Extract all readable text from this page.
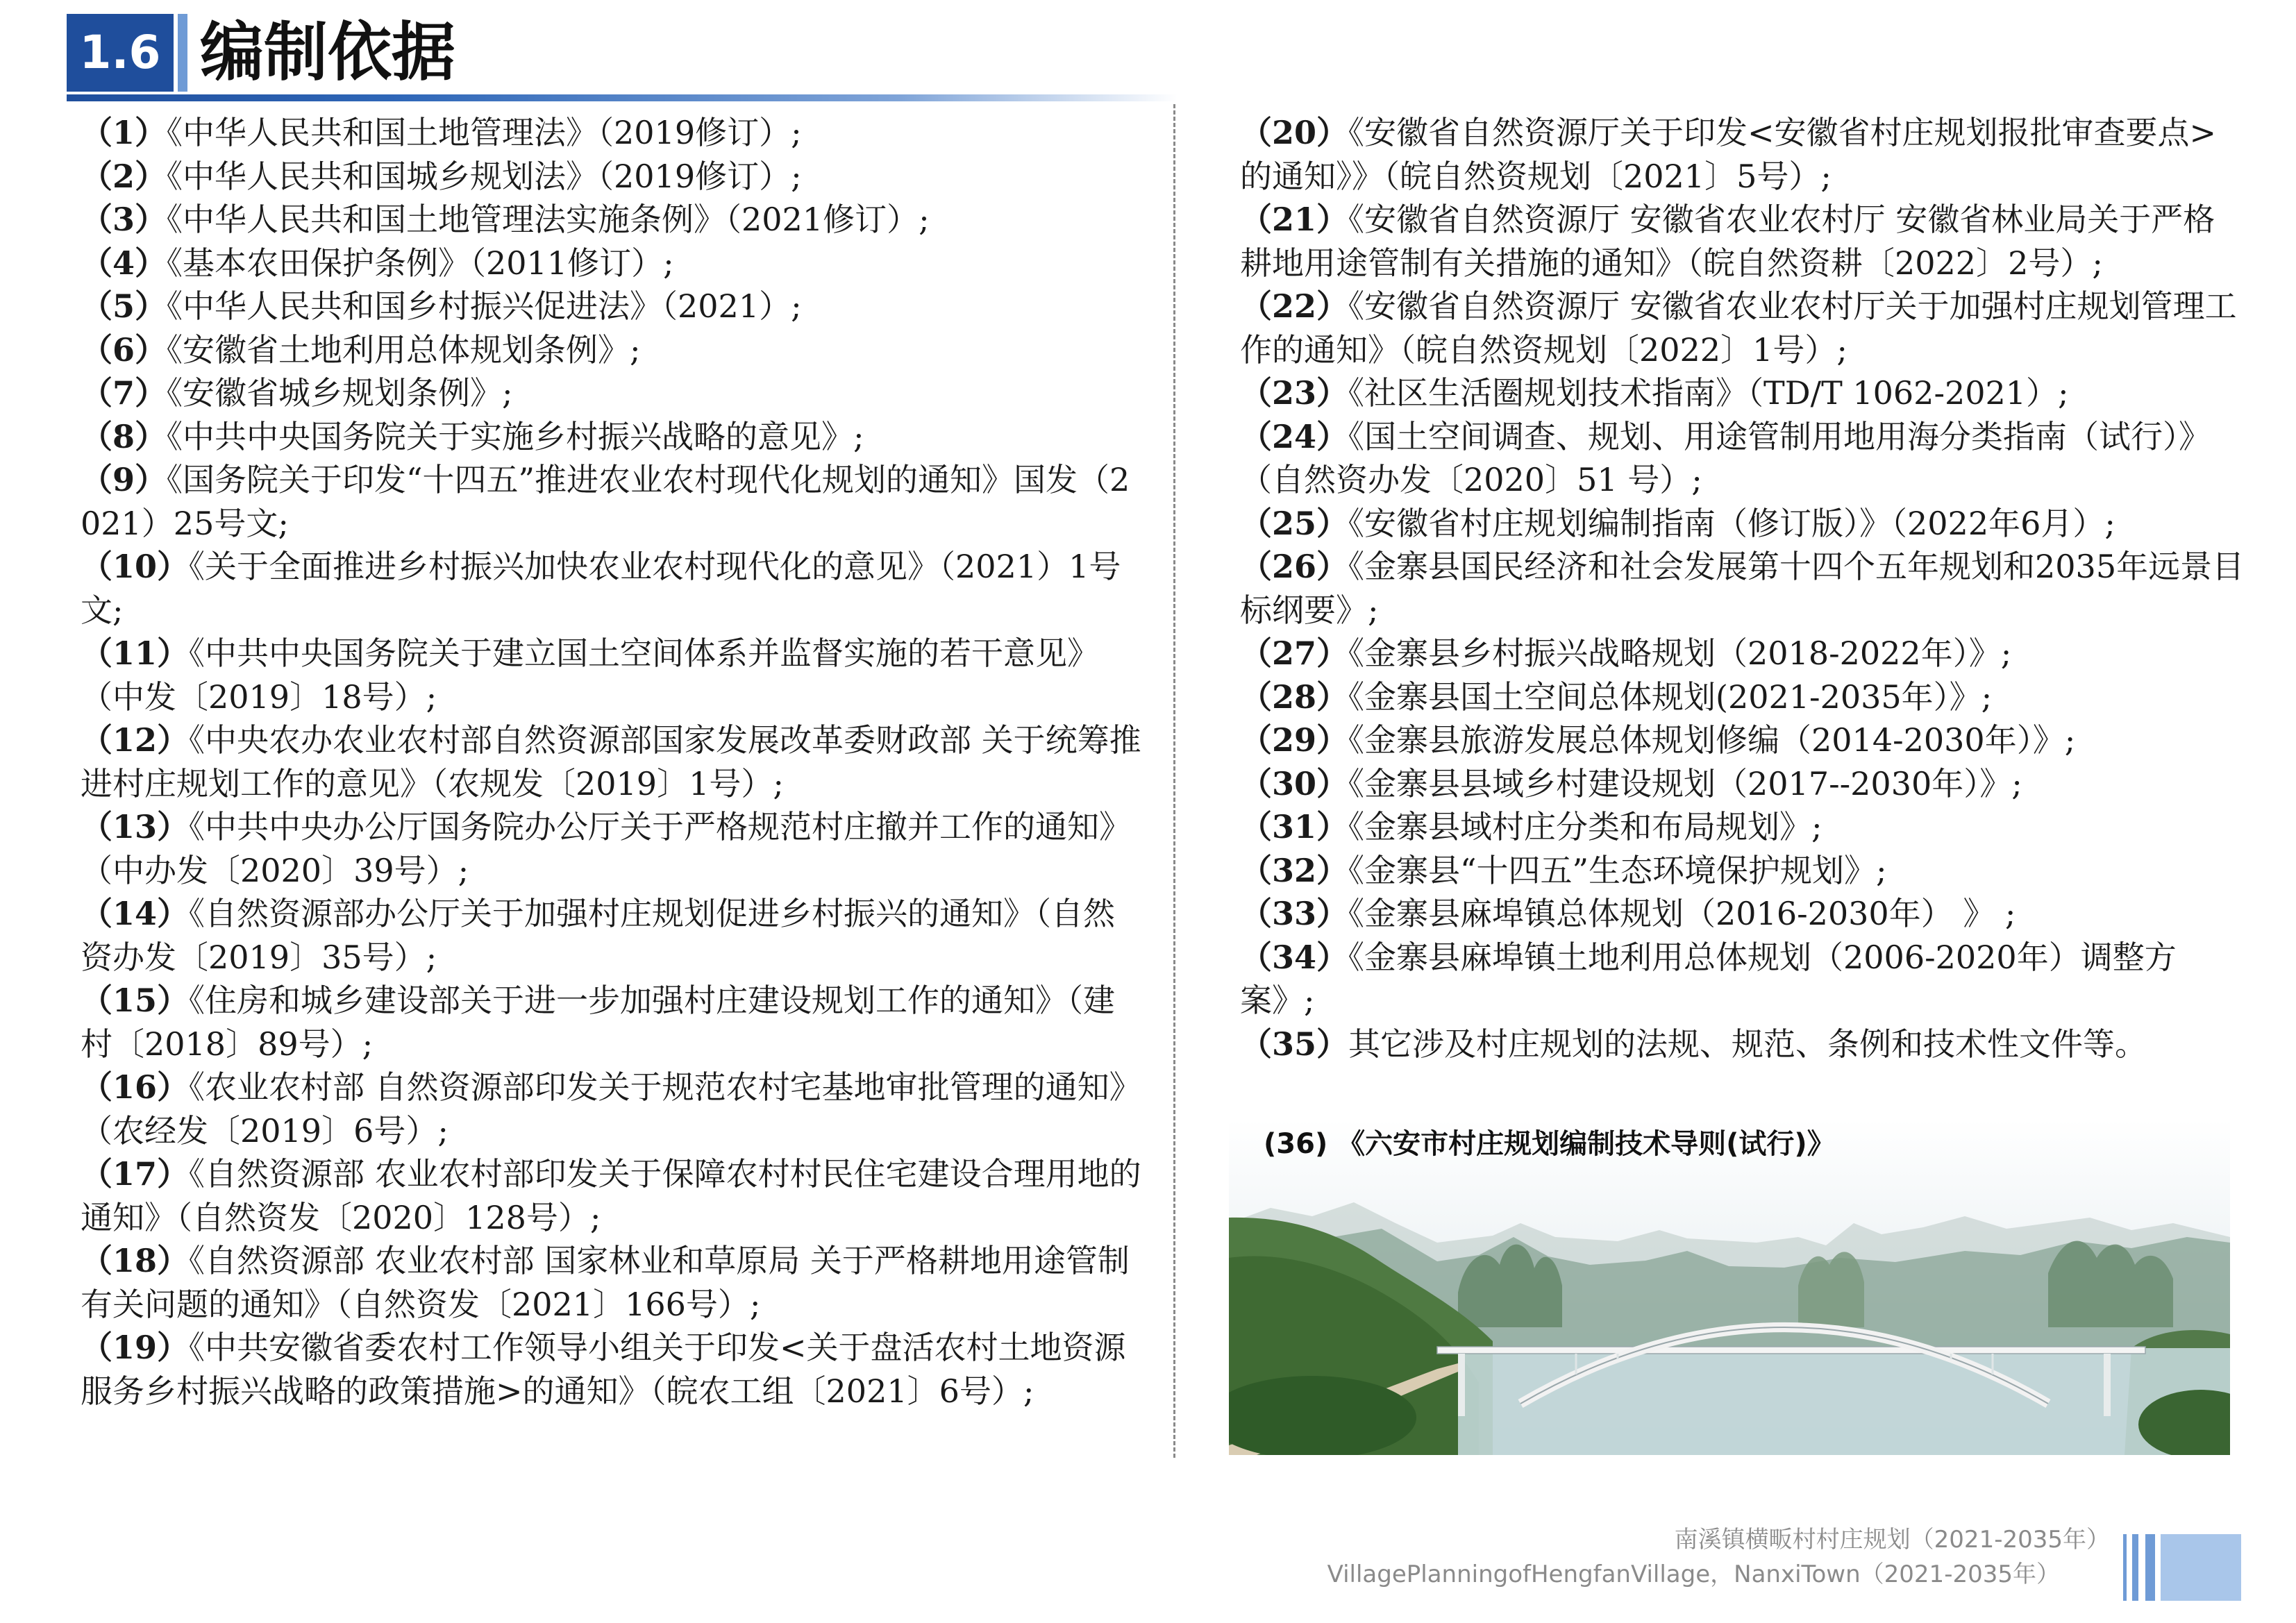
1.6 编制依据

（1）《中华人民共和国土地管理法》（2019修订）;

（2）《中华人民共和国城乡规划法》（2019修订）;

（3）《中华人民共和国土地管理法实施条例》（2021修订）;

（4）《基本农田保护条例》（2011修订）;

（5）《中华人民共和国乡村振兴促进法》（2021）;

（6）《安徽省土地利用总体规划条例》;

（7）《安徽省城乡规划条例》;

（8）《中共中央国务院关于实施乡村振兴战略的意见》;

（9）《国务院关于印发“十四五”推进农业农村现代化规划的通知》国发（2021）25号文;

（10）《关于全面推进乡村振兴加快农业农村现代化的意见》（2021）1号文;

（11）《中共中央国务院关于建立国土空间体系并监督实施的若干意见》（中发〔2019〕18号）;

（12）《中央农办农业农村部自然资源部国家发展改革委财政部 关于统筹推进村庄规划工作的意见》（农规发〔2019〕1号）;

（13）《中共中央办公厅国务院办公厅关于严格规范村庄撤并工作的通知》（中办发〔2020〕39号）;

（14）《自然资源部办公厅关于加强村庄规划促进乡村振兴的通知》（自然资办发〔2019〕35号）;

（15）《住房和城乡建设部关于进一步加强村庄建设规划工作的通知》（建村〔2018〕89号）;

（16）《农业农村部 自然资源部印发关于规范农村宅基地审批管理的通知》（农经发〔2019〕6号）;

（17）《自然资源部 农业农村部印发关于保障农村村民住宅建设合理用地的通知》（自然资发〔2020〕128号）;

（18）《自然资源部 农业农村部 国家林业和草原局 关于严格耕地用途管制有关问题的通知》（自然资发〔2021〕166号）;

（19）《中共安徽省委农村工作领导小组关于印发<关于盘活农村土地资源服务乡村振兴战略的政策措施>的通知》（皖农工组〔2021〕6号）;

（20）《安徽省自然资源厅关于印发<安徽省村庄规划报批审查要点>的通知》》（皖自然资规划〔2021〕5号）;

（21）《安徽省自然资源厅 安徽省农业农村厅 安徽省林业局关于严格耕地用途管制有关措施的通知》（皖自然资耕〔2022〕2号）;

（22）《安徽省自然资源厅 安徽省农业农村厅关于加强村庄规划管理工作的通知》（皖自然资规划〔2022〕1号）;

（23）《社区生活圈规划技术指南》（TD/T 1062-2021）;

（24）《国土空间调查、规划、用途管制用地用海分类指南（试行）》（自然资办发〔2020〕51 号）;

（25）《安徽省村庄规划编制指南（修订版）》（2022年6月）;

（26）《金寨县国民经济和社会发展第十四个五年规划和2035年远景目标纲要》;

（27）《金寨县乡村振兴战略规划（2018-2022年）》;

（28）《金寨县国土空间总体规划(2021-2035年）》;

（29）《金寨县旅游发展总体规划修编（2014-2030年）》;

（30）《金寨县县域乡村建设规划（2017--2030年）》;

（31）《金寨县域村庄分类和布局规划》;

（32）《金寨县“十四五”生态环境保护规划》;

（33）《金寨县麻埠镇总体规划（2016-2030年） 》 ;

（34）《金寨县麻埠镇土地利用总体规划（2006-2020年）调整方案》;

（35）其它涉及村庄规划的法规、规范、条例和技术性文件等。

(36) 《六安市村庄规划编制技术导则(试行)》
南溪镇横畈村村庄规划（2021-2035年）
VillagePlanningofHengfanVillage，NanxiTown（2021-2035年）
